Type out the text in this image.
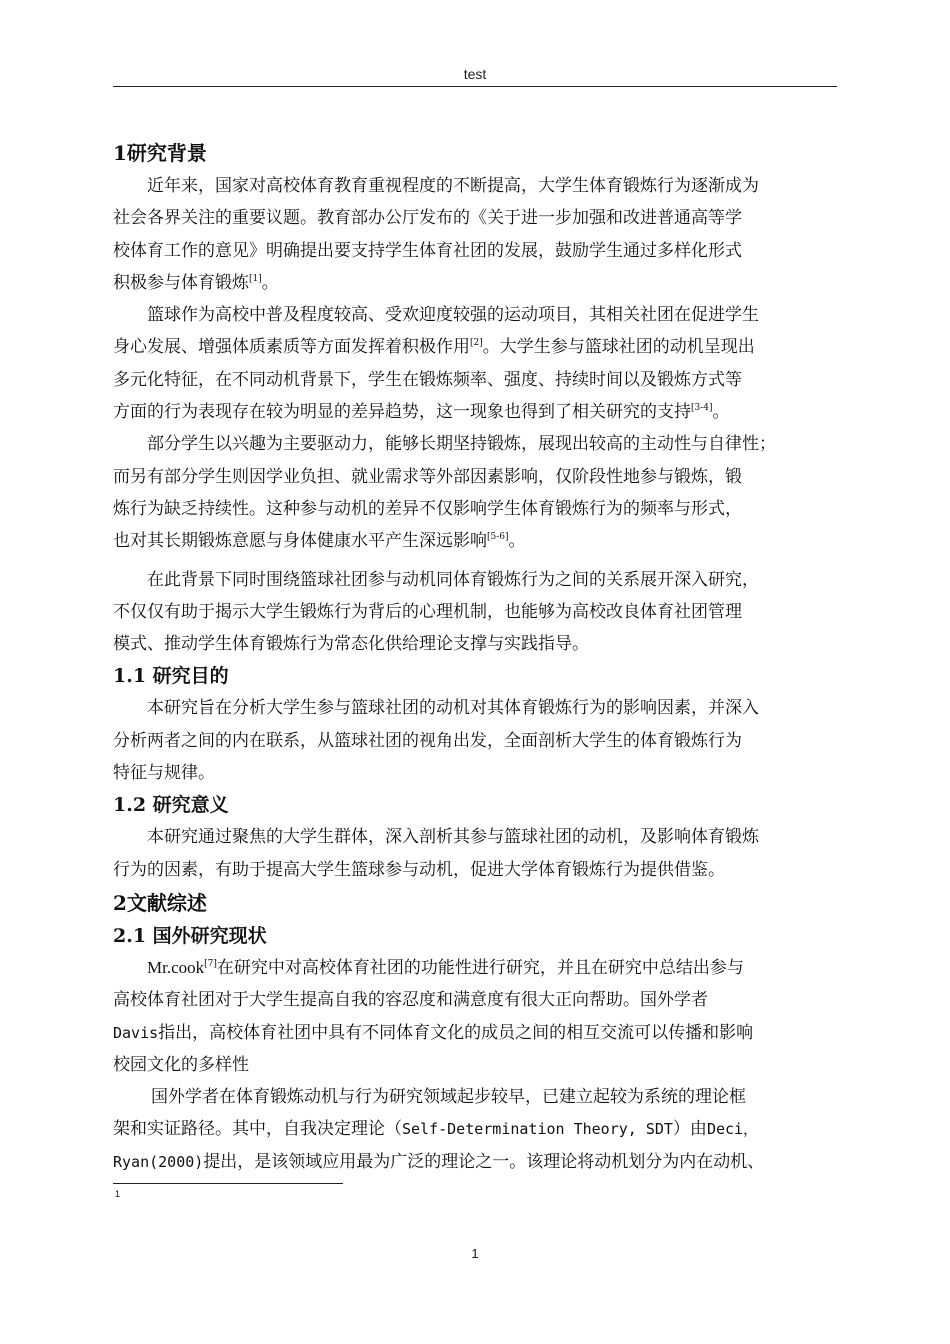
test
1研究背景
近年来，国家对高校体育教育重视程度的不断提高，大学生体育锻炼行为逐渐成为
社会各界关注的重要议题。教育部办公厅发布的《关于进一步加强和改进普通高等学
校体育工作的意见》明确提出要支持学生体育社团的发展，鼓励学生通过多样化形式
积极参与体育锻炼[1]。
篮球作为高校中普及程度较高、受欢迎度较强的运动项目，其相关社团在促进学生
身心发展、增强体质素质等方面发挥着积极作用[2]。大学生参与篮球社团的动机呈现出
多元化特征，在不同动机背景下，学生在锻炼频率、强度、持续时间以及锻炼方式等
方面的行为表现存在较为明显的差异趋势，这一现象也得到了相关研究的支持[3-4]。
部分学生以兴趣为主要驱动力，能够长期坚持锻炼，展现出较高的主动性与自律性；
而另有部分学生则因学业负担、就业需求等外部因素影响，仅阶段性地参与锻炼，锻
炼行为缺乏持续性。这种参与动机的差异不仅影响学生体育锻炼行为的频率与形式，
也对其长期锻炼意愿与身体健康水平产生深远影响[5-6]。
在此背景下同时围绕篮球社团参与动机同体育锻炼行为之间的关系展开深入研究，
不仅仅有助于揭示大学生锻炼行为背后的心理机制，也能够为高校改良体育社团管理
模式、推动学生体育锻炼行为常态化供给理论支撑与实践指导。
1.1 研究目的
本研究旨在分析大学生参与篮球社团的动机对其体育锻炼行为的影响因素，并深入
分析两者之间的内在联系，从篮球社团的视角出发，全面剖析大学生的体育锻炼行为
特征与规律。
1.2 研究意义
本研究通过聚焦的大学生群体，深入剖析其参与篮球社团的动机，及影响体育锻炼
行为的因素，有助于提高大学生篮球参与动机，促进大学体育锻炼行为提供借鉴。
2文献综述
2.1 国外研究现状
Mr.cook[7]在研究中对高校体育社团的功能性进行研究，并且在研究中总结出参与
高校体育社团对于大学生提高自我的容忍度和满意度有很大正向帮助。国外学者
Davis指出，高校体育社团中具有不同体育文化的成员之间的相互交流可以传播和影响
校园文化的多样性
国外学者在体育锻炼动机与行为研究领域起步较早，已建立起较为系统的理论框
架和实证路径。其中，自我决定理论（Self-Determination Theory, SDT）由Deci，
Ryan(2000)提出，是该领域应用最为广泛的理论之一。该理论将动机划分为内在动机、
1
1
